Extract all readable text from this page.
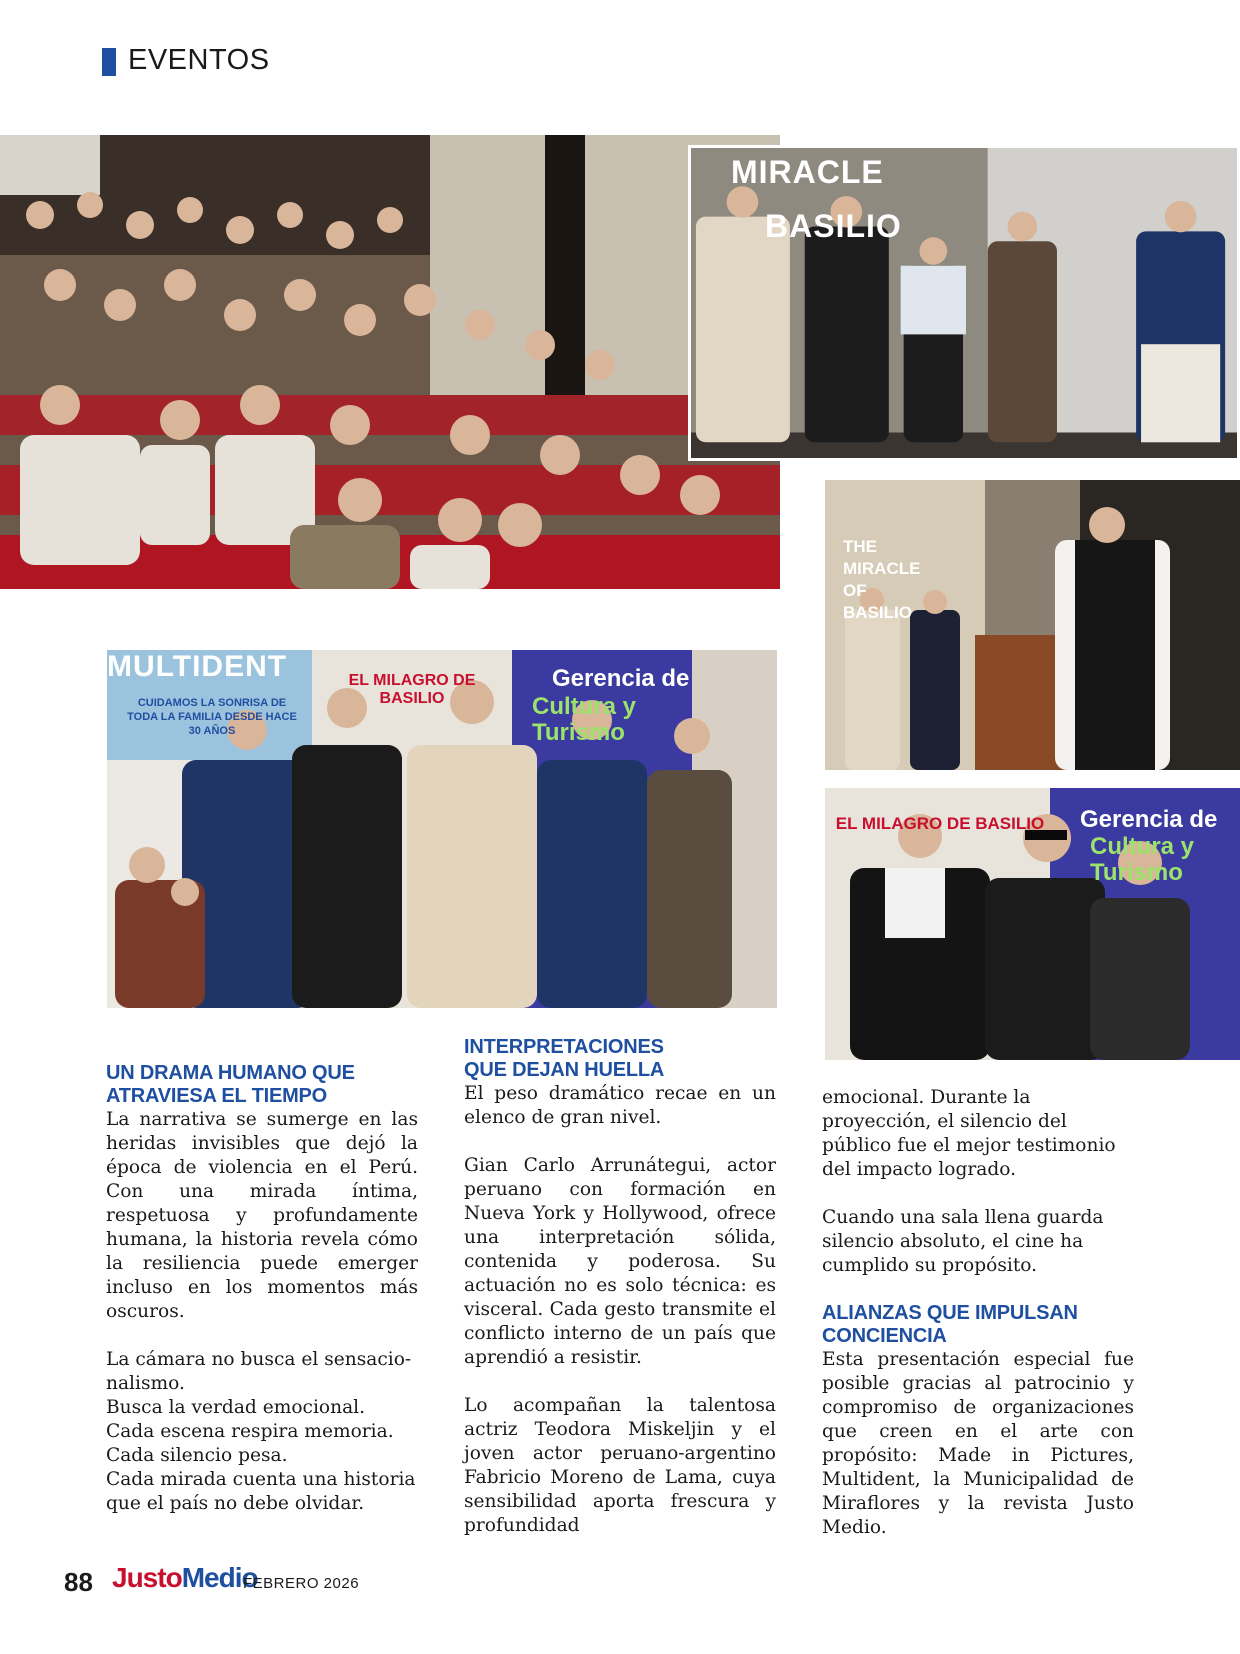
EVENTOS
MIRACLE
BASILIO
THE MIRACLE OF BASILIO
MULTIDENT
CUIDAMOS LA SONRISA DE TODA LA FAMILIA DESDE HACE 30 AÑOS
EL MILAGRO DE BASILIO
Gerencia de
Cultura y Turismo
EL MILAGRO DE BASILIO Gerencia de
Cultura y Turismo

UN DRAMA HUMANO QUE

ATRAVIESA EL TIEMPO

La narrativa se sumerge en las heridas invisibles que dejó la época de violencia en el Perú. Con una mirada íntima, respetuosa y profundamente humana, la historia revela cómo la resiliencia puede emerger incluso en los momentos más oscuros.

La cámara no busca el sensacio-

nalismo.

Busca la verdad emocional.

Cada escena respira memoria.

Cada silencio pesa.

Cada mirada cuenta una historia

que el país no debe olvidar.

INTERPRETACIONES

QUE DEJAN HUELLA

El peso dramático recae en un elenco de gran nivel.

Gian Carlo Arrunátegui, actor peruano con formación en Nueva York y Hollywood, ofrece una interpretación sólida, contenida y poderosa. Su actuación no es solo técnica: es visceral. Cada gesto transmite el conflicto interno de un país que aprendió a resistir.

Lo acompañan la talentosa actriz Teodora Miskeljin y el joven actor peruano-argentino Fabricio Moreno de Lama, cuya sensibilidad aporta frescura y profundidad

emocional. Durante la proyección, el silencio del público fue el mejor testimonio del impacto logrado.

Cuando una sala llena guarda silencio absoluto, el cine ha cumplido su propósito.

ALIANZAS QUE IMPULSAN

CONCIENCIA

Esta presentación especial fue posible gracias al patrocinio y compromiso de organizaciones que creen en el arte con propósito: Made in Pictures, Multident, la Municipalidad de Miraflores y la revista Justo Medio.

88 JustoMedio
FEBRERO 2026
